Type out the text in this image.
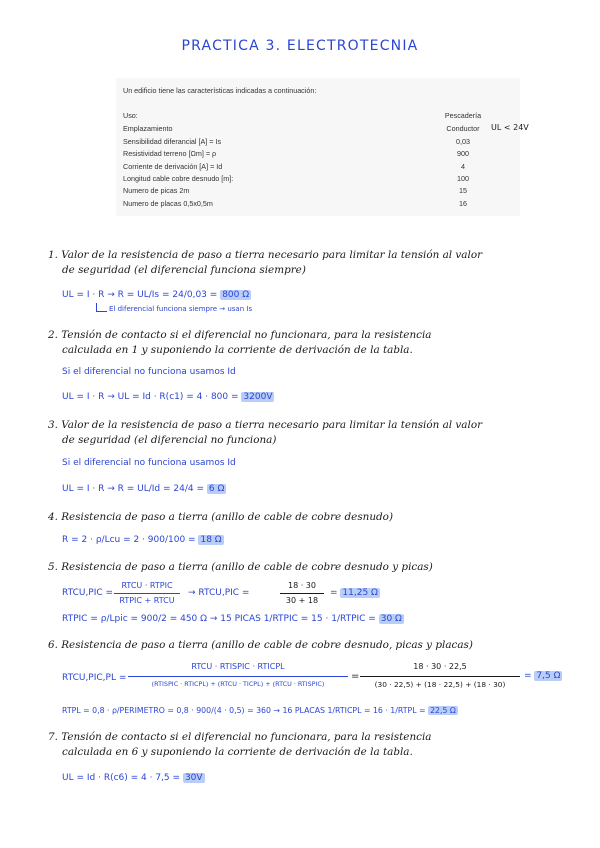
PRACTICA 3. ELECTROTECNIA
Un edificio tiene las características indicadas a continuación:
Uso:	Pescadería
Emplazamiento	Conductor
Sensibilidad diferancial [A] = Is	0,03
Resistividad terreno [Ωm] = ρ	900
Corriente de derivación [A] = Id	4
Longitud cable cobre desnudo [m]:	100
Numero de picas 2m	15
Numero de placas 0,5x0,5m	16
UL < 24V
1. Valor de la resistencia de paso a tierra necesario para limitar la tensión al valor
de seguridad (el diferencial funciona siempre)
UL = I · R → R = UL/Is = 24/0,03 = 800 Ω
El diferencial funciona siempre → usan Is
2. Tensión de contacto si el diferencial no funcionara, para la resistencia
calculada en 1 y suponiendo la corriente de derivación de la tabla.
Si el diferencial no funciona usamos Id
UL = I · R → UL = Id · R(c1) = 4 · 800 = 3200V
3. Valor de la resistencia de paso a tierra necesario para limitar la tensión al valor
de seguridad (el diferencial no funciona)
Si el diferencial no funciona usamos Id
UL = I · R → R = UL/Id = 24/4 = 6 Ω
4. Resistencia de paso a tierra (anillo de cable de cobre desnudo)
R = 2 · ρ/Lcu = 2 · 900/100 = 18 Ω
5. Resistencia de paso a tierra (anillo de cable de cobre desnudo y picas)
RTCU,PIC =
RTCU · RTPIC
RTPIC + RTCU
→ RTCU,PIC =
18 · 30
30 + 18
= 11,25 Ω
RTPIC = ρ/Lpic = 900/2 = 450 Ω → 15 PICAS 1/RTPIC = 15 · 1/RTPIC = 30 Ω
6. Resistencia de paso a tierra (anillo de cable de cobre desnudo, picas y placas)
RTCU,PIC,PL =
RTCU · RTISPIC · RTICPL
(RTISPIC · RTICPL) + (RTCU · TICPL) + (RTCU · RTISPIC)
=
18 · 30 · 22,5
(30 · 22,5) + (18 · 22,5) + (18 · 30)
= 7,5 Ω
RTPL = 0,8 · ρ/PERIMETRO = 0,8 · 900/(4 · 0,5) = 360 → 16 PLACAS 1/RTICPL = 16 · 1/RTPL = 22,5 Ω
7. Tensión de contacto si el diferencial no funcionara, para la resistencia
calculada en 6 y suponiendo la corriente de derivación de la tabla.
UL = Id · R(c6) = 4 · 7,5 = 30V
